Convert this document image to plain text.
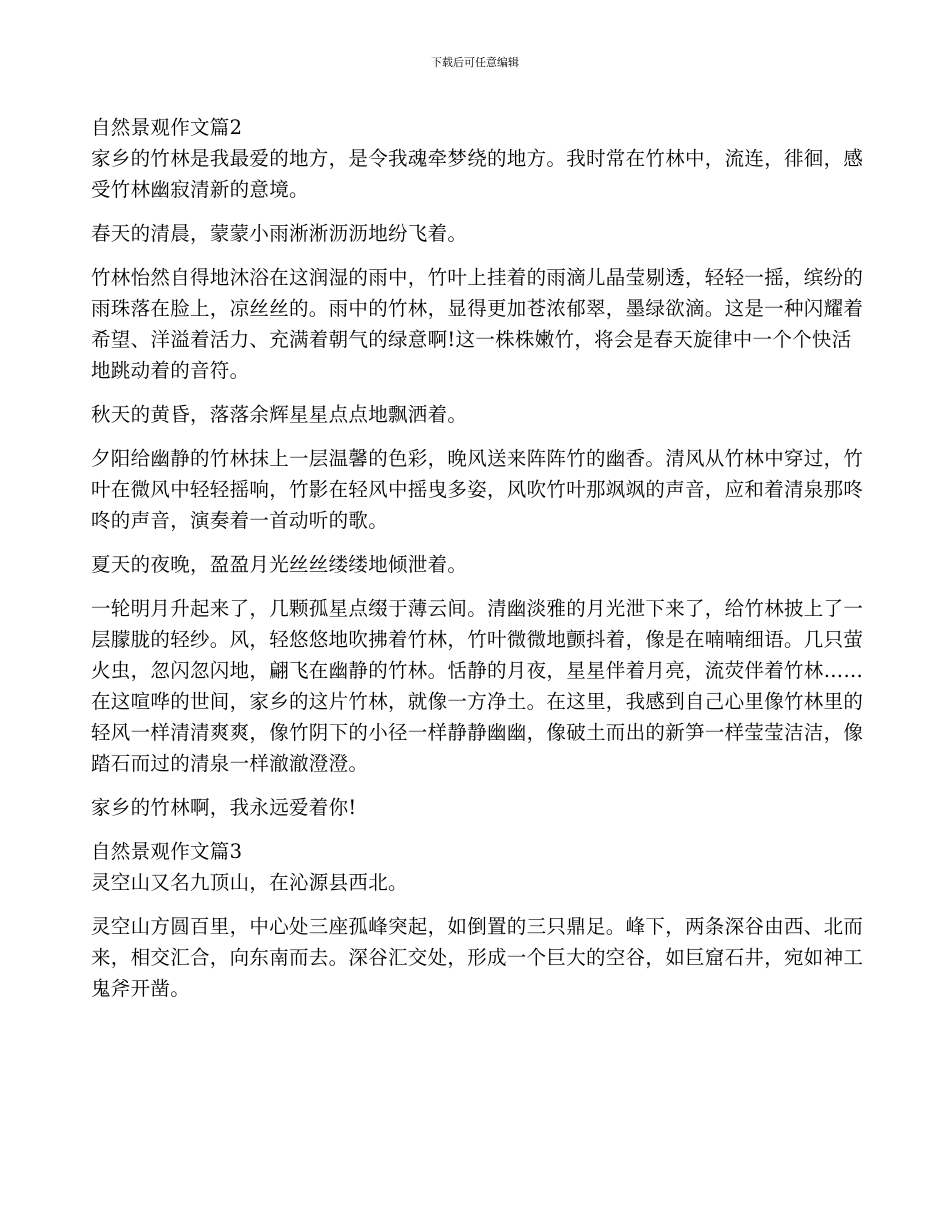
下载后可任意编辑

自然景观作文篇2

家乡的竹林是我最爱的地方，是令我魂牵梦绕的地方。我时常在竹林中，流连，徘徊，感受竹林幽寂清新的意境。

春天的清晨，蒙蒙小雨淅淅沥沥地纷飞着。

竹林怡然自得地沐浴在这润湿的雨中，竹叶上挂着的雨滴儿晶莹剔透，轻轻一摇，缤纷的雨珠落在脸上，凉丝丝的。雨中的竹林，显得更加苍浓郁翠，墨绿欲滴。这是一种闪耀着希望、洋溢着活力、充满着朝气的绿意啊!这一株株嫩竹，将会是春天旋律中一个个快活地跳动着的音符。

秋天的黄昏，落落余辉星星点点地飘洒着。

夕阳给幽静的竹林抹上一层温馨的色彩，晚风送来阵阵竹的幽香。清风从竹林中穿过，竹叶在微风中轻轻摇响，竹影在轻风中摇曳多姿，风吹竹叶那飒飒的声音，应和着清泉那咚咚的声音，演奏着一首动听的歌。

夏天的夜晚，盈盈月光丝丝缕缕地倾泄着。

一轮明月升起来了，几颗孤星点缀于薄云间。清幽淡雅的月光泄下来了，给竹林披上了一层朦胧的轻纱。风，轻悠悠地吹拂着竹林，竹叶微微地颤抖着，像是在喃喃细语。几只萤火虫，忽闪忽闪地，翩飞在幽静的竹林。恬静的月夜，星星伴着月亮，流荧伴着竹林……

在这喧哗的世间，家乡的这片竹林，就像一方净土。在这里，我感到自己心里像竹林里的轻风一样清清爽爽，像竹阴下的小径一样静静幽幽，像破土而出的新笋一样莹莹洁洁，像踏石而过的清泉一样澈澈澄澄。

家乡的竹林啊，我永远爱着你!

自然景观作文篇3

灵空山又名九顶山，在沁源县西北。

灵空山方圆百里，中心处三座孤峰突起，如倒置的三只鼎足。峰下，两条深谷由西、北而来，相交汇合，向东南而去。深谷汇交处，形成一个巨大的空谷，如巨窟石井，宛如神工鬼斧开凿。
